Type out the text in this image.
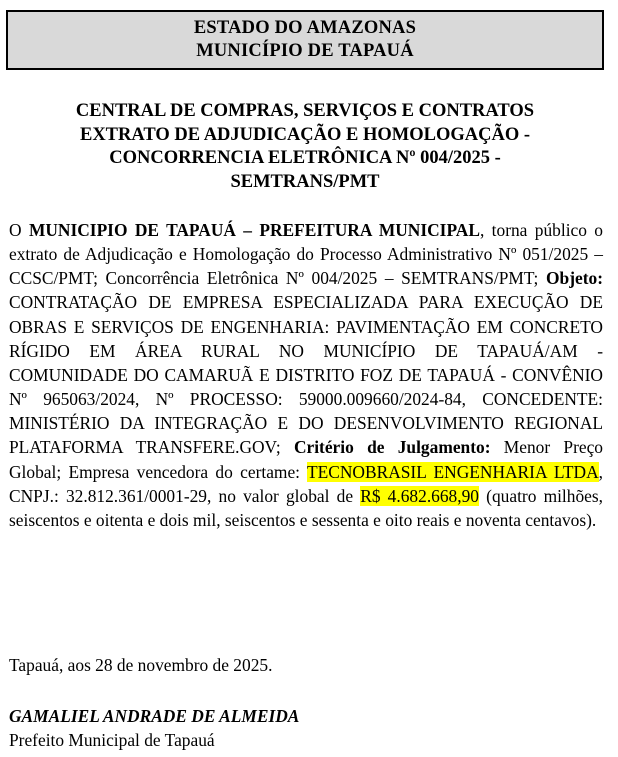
ESTADO DO AMAZONAS
MUNICÍPIO DE TAPAUÁ
CENTRAL DE COMPRAS, SERVIÇOS E CONTRATOS
EXTRATO DE ADJUDICAÇÃO E HOMOLOGAÇÃO -
CONCORRENCIA ELETRÔNICA Nº 004/2025 -
SEMTRANS/PMT
O MUNICIPIO DE TAPAUÁ – PREFEITURA MUNICIPAL, torna público o extrato de Adjudicação e Homologação do Processo Administrativo Nº 051/2025 – CCSC/PMT; Concorrência Eletrônica Nº 004/2025 – SEMTRANS/PMT; Objeto: CONTRATAÇÃO DE EMPRESA ESPECIALIZADA PARA EXECUÇÃO DE OBRAS E SERVIÇOS DE ENGENHARIA: PAVIMENTAÇÃO EM CONCRETO RÍGIDO EM ÁREA RURAL NO MUNICÍPIO DE TAPAUÁ/AM - COMUNIDADE DO CAMARUÃ E DISTRITO FOZ DE TAPAUÁ - CONVÊNIO Nº 965063/2024, Nº PROCESSO: 59000.009660/2024-84, CONCEDENTE: MINISTÉRIO DA INTEGRAÇÃO E DO DESENVOLVIMENTO REGIONAL PLATAFORMA TRANSFERE.GOV; Critério de Julgamento: Menor Preço Global; Empresa vencedora do certame: TECNOBRASIL ENGENHARIA LTDA, CNPJ.: 32.812.361/0001-29, no valor global de R$ 4.682.668,90 (quatro milhões, seiscentos e oitenta e dois mil, seiscentos e sessenta e oito reais e noventa centavos).
Tapauá, aos 28 de novembro de 2025.
GAMALIEL ANDRADE DE ALMEIDA
Prefeito Municipal de Tapauá
